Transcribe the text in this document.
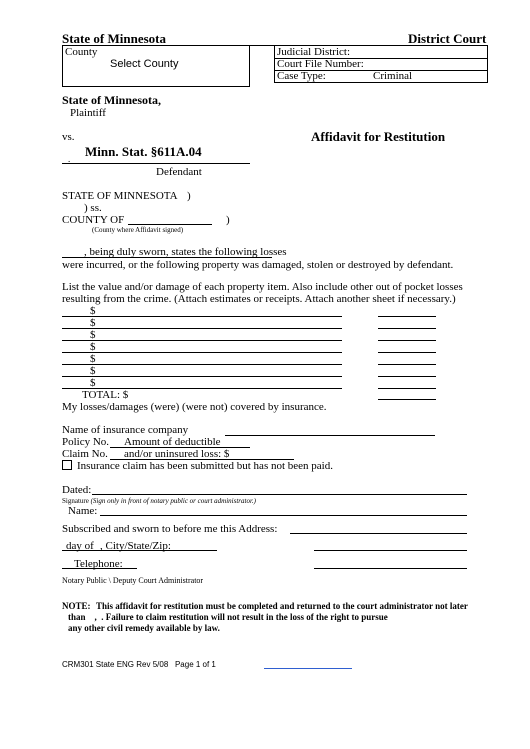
State of Minnesota	District Court
County
Select County
Judicial District:
Court File Number:
Case Type:	Criminal
State of Minnesota,
Plaintiff
vs.	Affidavit for Restitution
Minn. Stat. §611A.04
.
Defendant
STATE OF MINNESOTA )
) ss.
COUNTY OF	)
(County where Affidavit signed)
, being duly sworn, states the following losses
were incurred, or the following property was damaged, stolen or destroyed by defendant.
List the value and/or damage of each property item. Also include other out of pocket losses
resulting from the crime. (Attach estimates or receipts. Attach another sheet if necessary.)
$
$
$
$
$
$
$
TOTAL: $
My losses/damages (were) (were not) covered by insurance.
Name of insurance company
Policy No. Amount of deductible
Claim No. and/or uninsured loss: $
Insurance claim has been submitted but has not been paid.
Dated:
Signature (Sign only in front of notary public or court administrator.)
Name:
Subscribed and sworn to before me this Address:
day of , City/State/Zip:
Telephone:
Notary Public \ Deputy Court Administrator
NOTE: This affidavit for restitution must be completed and returned to the court administrator not later
than , . Failure to claim restitution will not result in the loss of the right to pursue
any other civil remedy available by law.
CRM301 State ENG Rev 5/08 Page 1 of 1
